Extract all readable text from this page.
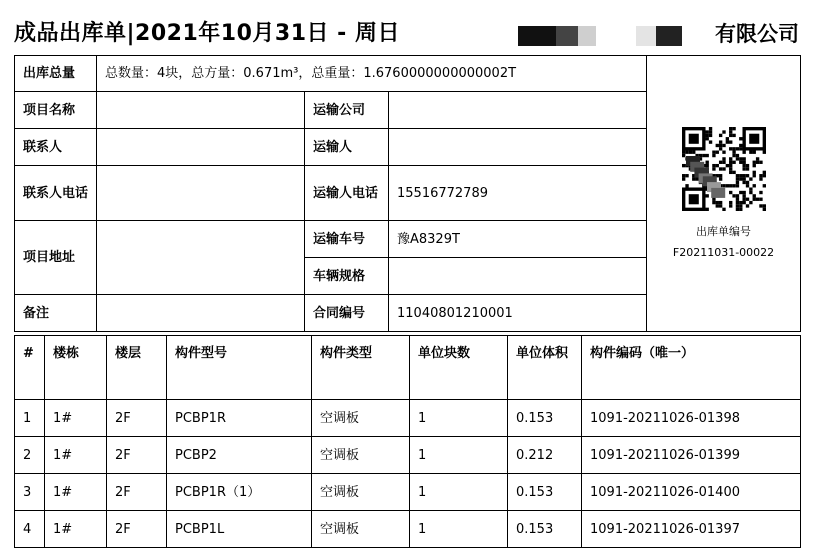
成品出库单|2021年10月31日 - 周日	有限公司
出库总量	总数量：4块，总方量：0.671m³，总重量：1.6760000000000002T			出库单编号
F20211031-00022

项目名称		运输公司		
联系人		运输人		
联系人电话		运输人电话	15516772789	
项目地址		运输车号	豫A8329T	
		车辆规格		
备注		合同编号	11040801210001	
#	楼栋	楼层	构件型号	构件类型	单位块数	单位体积	构件编码（唯一）
1	1#	2F	PCBP1R	空调板	1	0.153	1091-20211026-01398
2	1#	2F	PCBP2	空调板	1	0.212	1091-20211026-01399
3	1#	2F	PCBP1R（1）	空调板	1	0.153	1091-20211026-01400
4	1#	2F	PCBP1L	空调板	1	0.153	1091-20211026-01397
